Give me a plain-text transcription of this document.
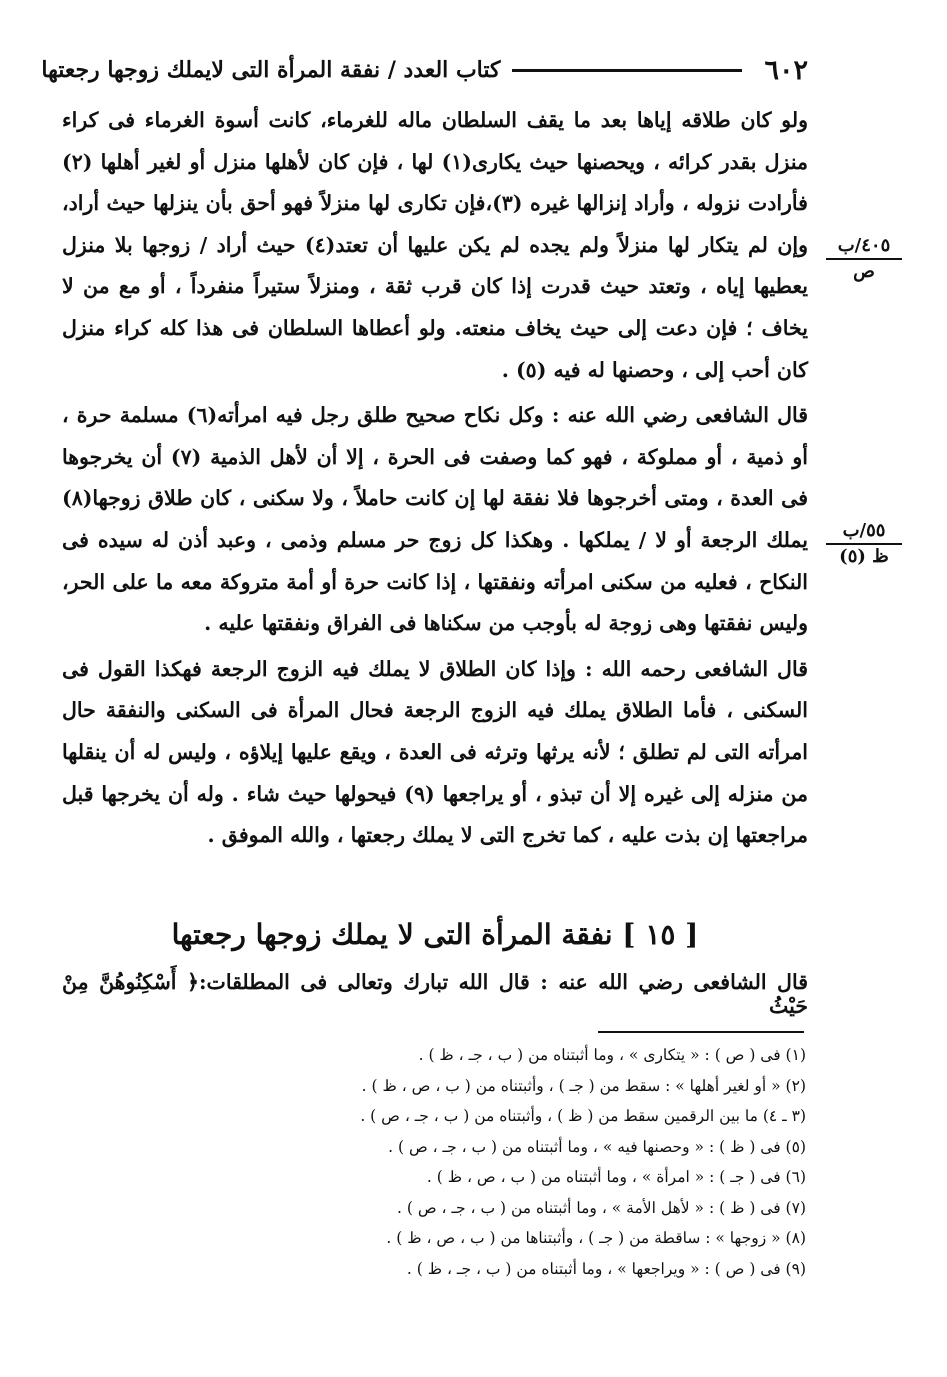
٦٠٢
كتاب العدد / نفقة المرأة التى لايملك زوجها رجعتها
٤٠٥/ب
ص
٥٥/ب
ظ (٥)

ولو كان طلاقه إياها بعد ما يقف السلطان ماله للغرماء، كانت أسوة الغرماء فى كراء منزل بقدر كرائه ، ويحصنها حيث يكارى(١) لها ، فإن كان لأهلها منزل أو لغير أهلها (٢) فأرادت نزوله ، وأراد إنزالها غيره (٣)،فإن تكارى لها منزلاً فهو أحق بأن ينزلها حيث أراد، وإن لم يتكار لها منزلاً ولم يجده لم يكن عليها أن تعتد(٤) حيث أراد / زوجها بلا منزل يعطيها إياه ، وتعتد حيث قدرت إذا كان قرب ثقة ، ومنزلاً ستيراً منفرداً ، أو مع من لا يخاف ؛ فإن دعت إلى حيث يخاف منعته. ولو أعطاها السلطان فى هذا كله كراء منزل كان أحب إلى ، وحصنها له فيه (٥) .

قال الشافعى رضي الله عنه : وكل نكاح صحيح طلق رجل فيه امرأته(٦) مسلمة حرة ، أو ذمية ، أو مملوكة ، فهو كما وصفت فى الحرة ، إلا أن لأهل الذمية (٧) أن يخرجوها فى العدة ، ومتى أخرجوها فلا نفقة لها إن كانت حاملاً ، ولا سكنى ، كان طلاق زوجها(٨) يملك الرجعة أو لا / يملكها . وهكذا كل زوج حر مسلم وذمى ، وعبد أذن له سيده فى النكاح ، فعليه من سكنى امرأته ونفقتها ، إذا كانت حرة أو أمة متروكة معه ما على الحر، وليس نفقتها وهى زوجة له بأوجب من سكناها فى الفراق ونفقتها عليه .

قال الشافعى رحمه الله : وإذا كان الطلاق لا يملك فيه الزوج الرجعة فهكذا القول فى السكنى ، فأما الطلاق يملك فيه الزوج الرجعة فحال المرأة فى السكنى والنفقة حال امرأته التى لم تطلق ؛ لأنه يرثها وترثه فى العدة ، ويقع عليها إيلاؤه ، وليس له أن ينقلها من منزله إلى غيره إلا أن تبذو ، أو يراجعها (٩) فيحولها حيث شاء . وله أن يخرجها قبل مراجعتها إن بذت عليه ، كما تخرج التى لا يملك رجعتها ، والله الموفق .

[ ١٥ ] نفقة المرأة التى لا يملك زوجها رجعتها
قال الشافعى رضي الله عنه : قال الله تبارك وتعالى فى المطلقات:﴿ أَسْكِنُوهُنَّ مِنْ حَيْثُ
(١) فى ( ص ) : « يتكارى » ، وما أثبتناه من ( ب ، جـ ، ظ ) .
(٢) « أو لغير أهلها » : سقط من ( جـ ) ، وأثبتناه من ( ب ، ص ، ظ ) .
(٣ ـ ٤) ما بين الرقمين سقط من ( ظ ) ، وأثبتناه من ( ب ، جـ ، ص ) .
(٥) فى ( ظ ) : « وحصنها فيه » ، وما أثبتناه من ( ب ، جـ ، ص ) .
(٦) فى ( جـ ) : « امرأة » ، وما أثبتناه من ( ب ، ص ، ظ ) .
(٧) فى ( ظ ) : « لأهل الأمة » ، وما أثبتناه من ( ب ، جـ ، ص ) .
(٨) « زوجها » : ساقطة من ( جـ ) ، وأثبتناها من ( ب ، ص ، ظ ) .
(٩) فى ( ص ) : « ويراجعها » ، وما أثبتناه من ( ب ، جـ ، ظ ) .
